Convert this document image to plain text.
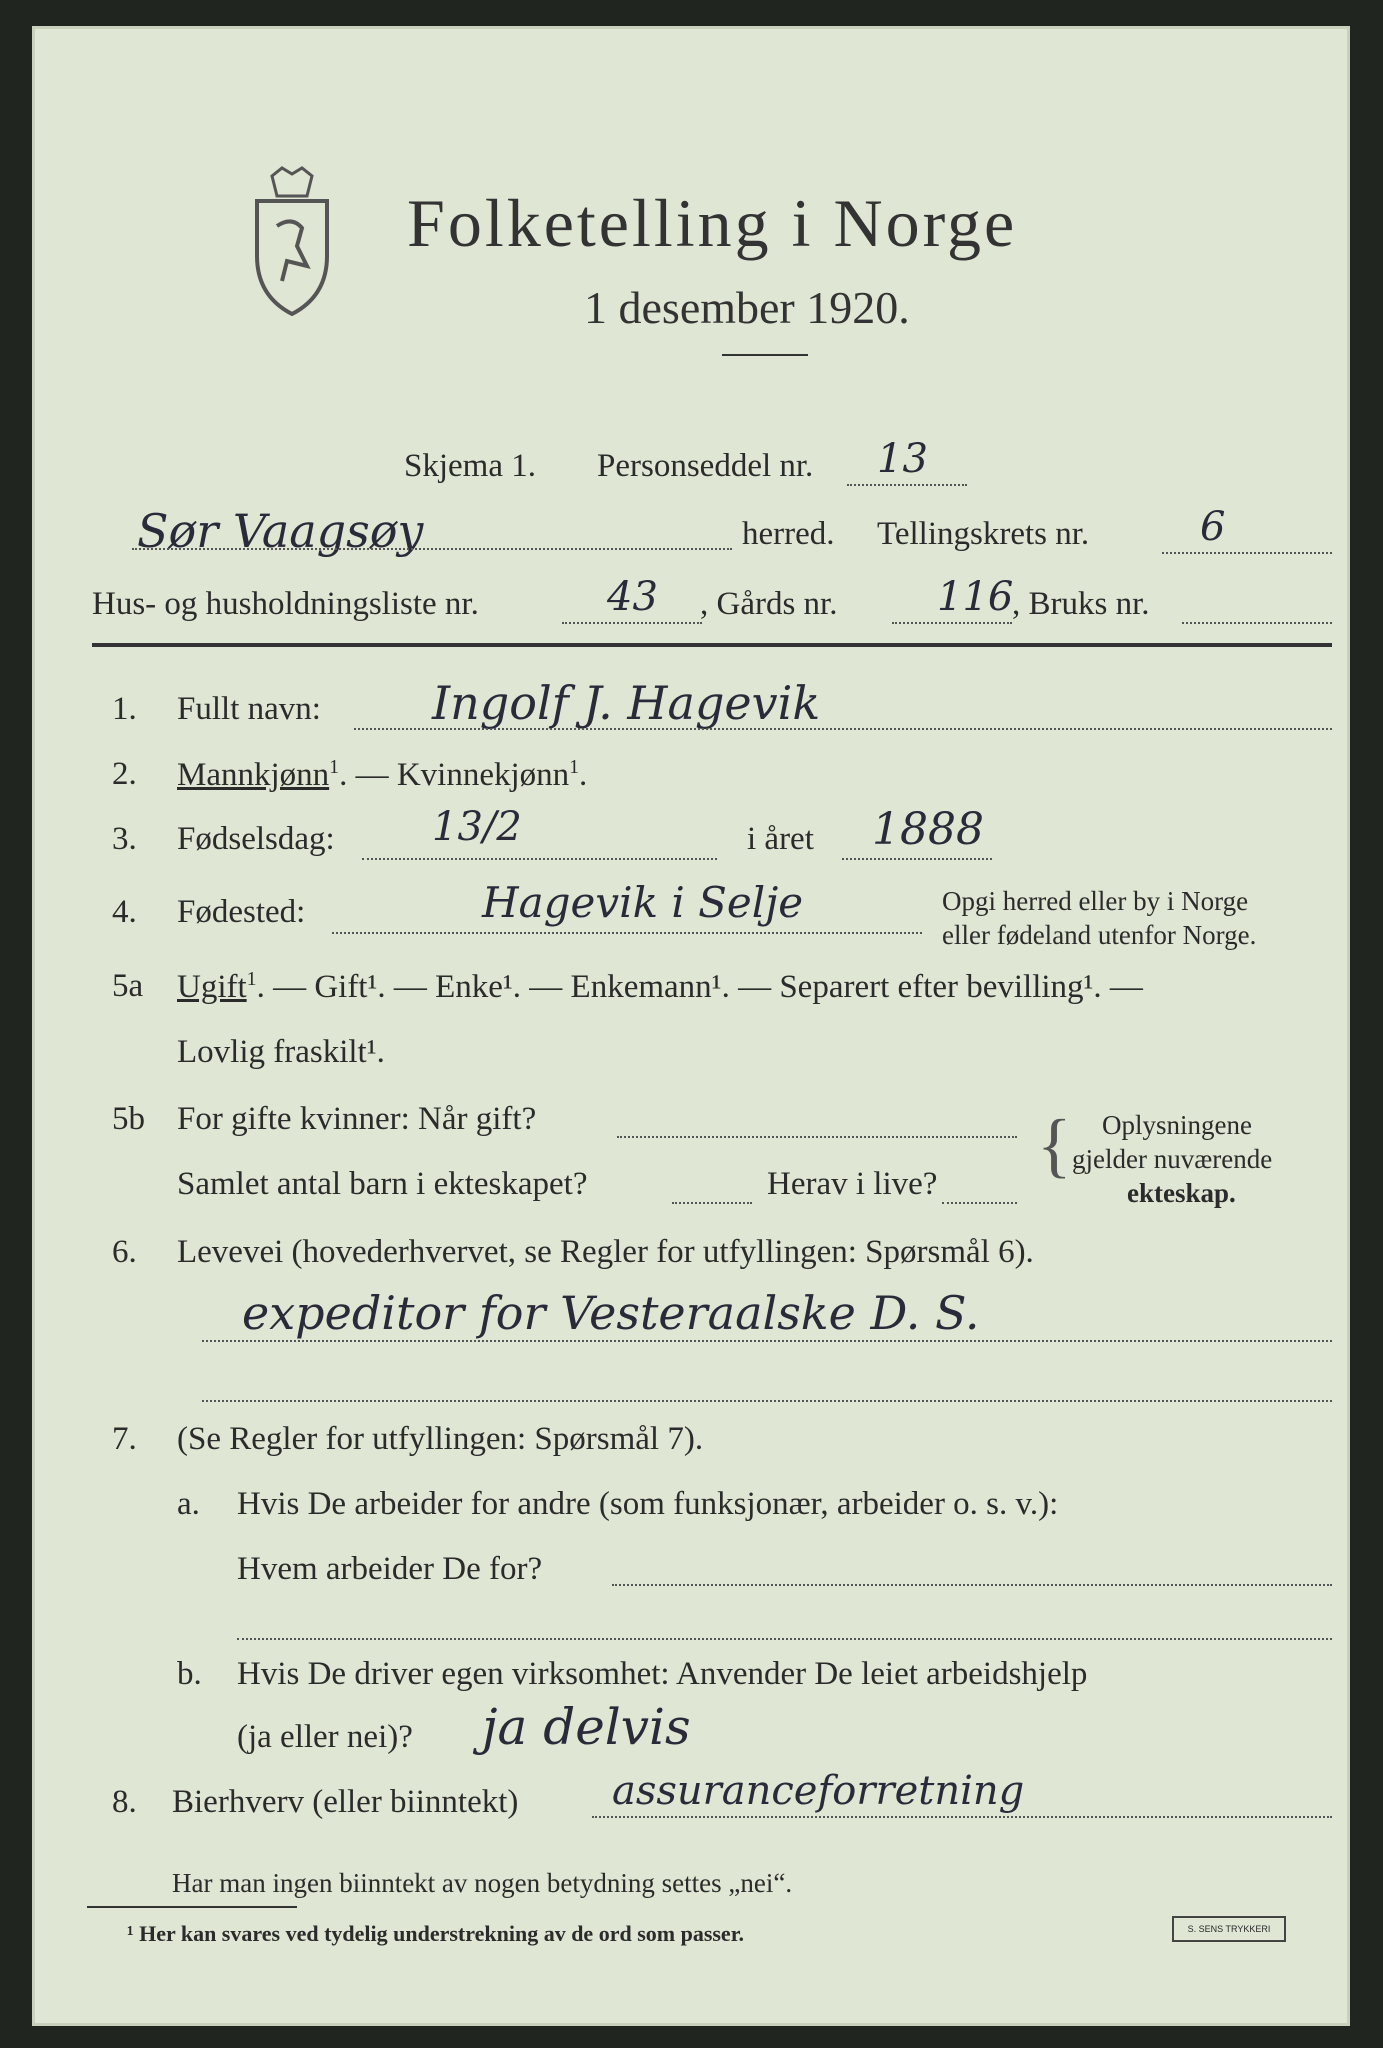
Folketelling i Norge
1 desember 1920.
Skjema 1. Personseddel nr. 13
Sør Vaagsøy	herred. Tellingskrets nr.	6
Hus- og husholdningsliste nr.	43 , Gårds nr. 116
, Bruks nr.
1. Fullt navn: Ingolf J. Hagevik
2. Mannkjønn$^1$. — Kvinnekjønn$^1$.
3. Fødselsdag: 13/2	i året 1888
4. Fødested:	Hagevik i Selje	Opgi herred eller by i Norge
eller fødeland utenfor Norge.
5a Ugift$^1$. — Gift¹. — Enke¹. — Enkemann¹. — Separert efter bevilling¹. —
Lovlig fraskilt¹.
5b For gifte kvinner: Når gift?
Samlet antal barn i ekteskapet?	Herav i live? { Oplysningene
gjelder nuværende
ekteskap.
6. Levevei (hovederhvervet, se Regler for utfyllingen: Spørsmål 6).
expeditor for Vesteraalske D. S.
7. (Se Regler for utfyllingen: Spørsmål 7).
a. Hvis De arbeider for andre (som funksjonær, arbeider o. s. v.):
Hvem arbeider De for?
b. Hvis De driver egen virksomhet: Anvender De leiet arbeidshjelp
(ja eller nei)? ja delvis
8. Bierhverv (eller biinntekt) assuranceforretning
Har man ingen biinntekt av nogen betydning settes „nei“.
¹ Her kan svares ved tydelig understrekning av de ord som passer.	S. SENS TRYKKERI
